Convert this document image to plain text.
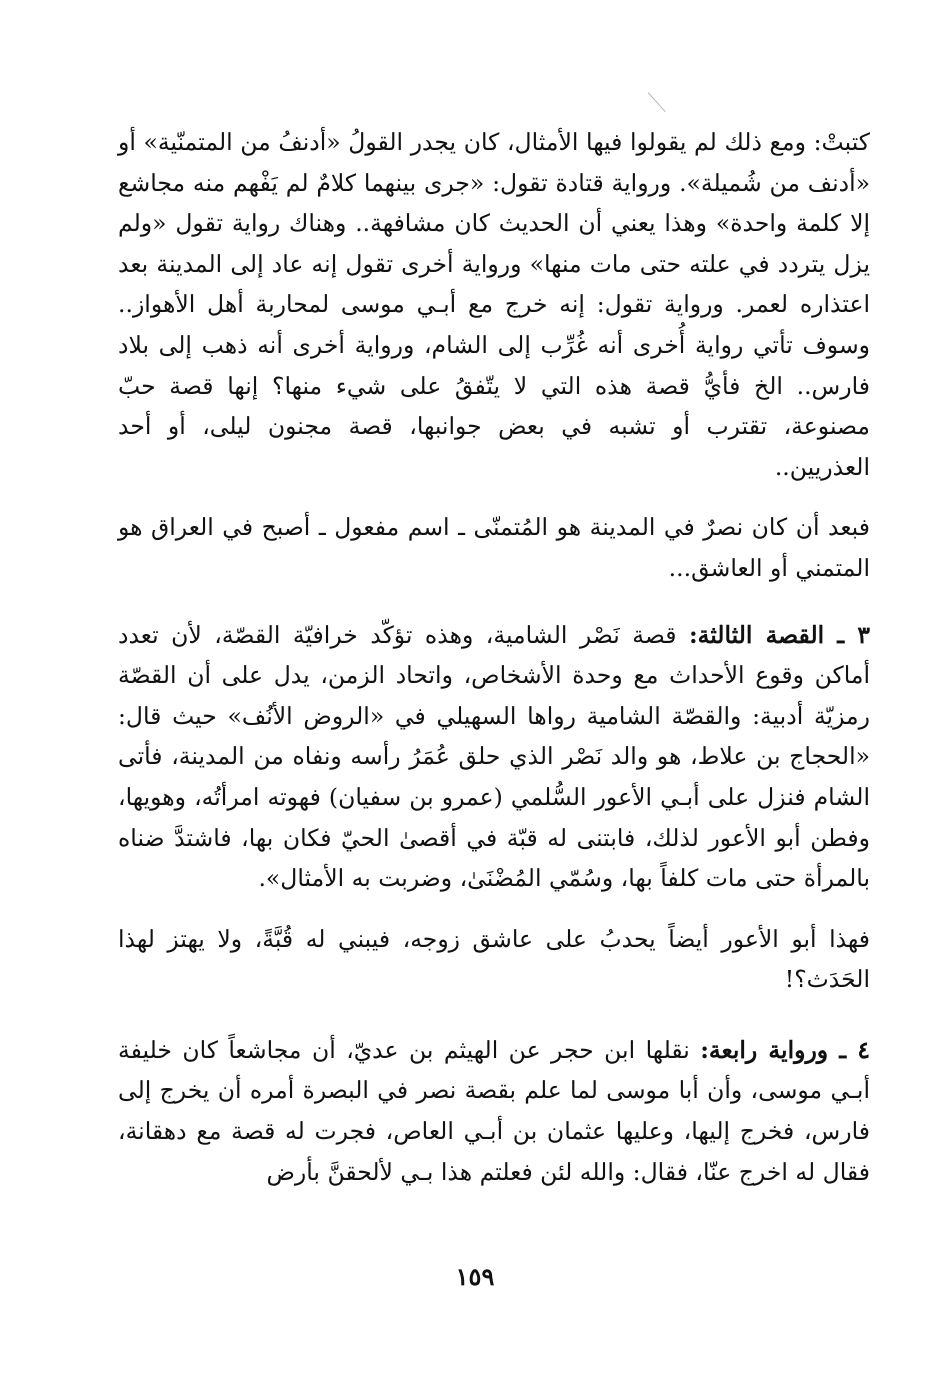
كتبتْ: ومع ذلك لم يقولوا فيها الأمثال، كان يجدر القولُ «أدنفُ من المتمنّية» أو «أدنف من شُميلة». ورواية قتادة تقول: «جرى بينهما كلامٌ لم يَفْهم منه مجاشع إلا كلمة واحدة» وهذا يعني أن الحديث كان مشافهة.. وهناك رواية تقول «ولم يزل يتردد في علته حتى مات منها» ورواية أخرى تقول إنه عاد إلى المدينة بعد اعتذاره لعمر. ورواية تقول: إنه خرج مع أبـي موسى لمحاربة أهل الأهواز.. وسوف تأتي رواية أُخرى أنه غُرِّب إلى الشام، ورواية أخرى أنه ذهب إلى بلاد فارس.. الخ فأيُّ قصة هذه التي لا يتّفقُ على شيء منها؟ إنها قصة حبّ مصنوعة، تقترب أو تشبه في بعض جوانبها، قصة مجنون ليلى، أو أحد العذريين..

فبعد أن كان نصرٌ في المدينة هو المُتمنّى ـ اسم مفعول ـ أصبح في العراق هو المتمني أو العاشق...

٣ ـ القصة الثالثة: قصة نَصْر الشامية، وهذه تؤكّد خرافيّة القصّة، لأن تعدد أماكن وقوع الأحداث مع وحدة الأشخاص، واتحاد الزمن، يدل على أن القصّة رمزيّة أدبية: والقصّة الشامية رواها السهيلي في «الروض الأنُف» حيث قال: «الحجاج بن علاط، هو والد نَصْر الذي حلق عُمَرُ رأسه ونفاه من المدينة، فأتى الشام فنزل على أبـي الأعور السُّلمي (عمرو بن سفيان) فهوته امرأتُه، وهويها، وفطن أبو الأعور لذلك، فابتنى له قبّة في أقصىٰ الحيّ فكان بها، فاشتدَّ ضناه بالمرأة حتى مات كلفاً بها، وسُمّي المُضْنَىٰ، وضربت به الأمثال».

فهذا أبو الأعور أيضاً يحدبُ على عاشق زوجه، فيبني له قُبَّةً، ولا يهتز لهذا الحَدَث؟!

٤ ـ ورواية رابعة: نقلها ابن حجر عن الهيثم بن عديّ، أن مجاشعاً كان خليفة أبـي موسى، وأن أبا موسى لما علم بقصة نصر في البصرة أمره أن يخرج إلى فارس، فخرج إليها، وعليها عثمان بن أبـي العاص، فجرت له قصة مع دهقانة، فقال له اخرج عنّا، فقال: والله لئن فعلتم هذا بـي لألحقنَّ بأرض

١٥٩
